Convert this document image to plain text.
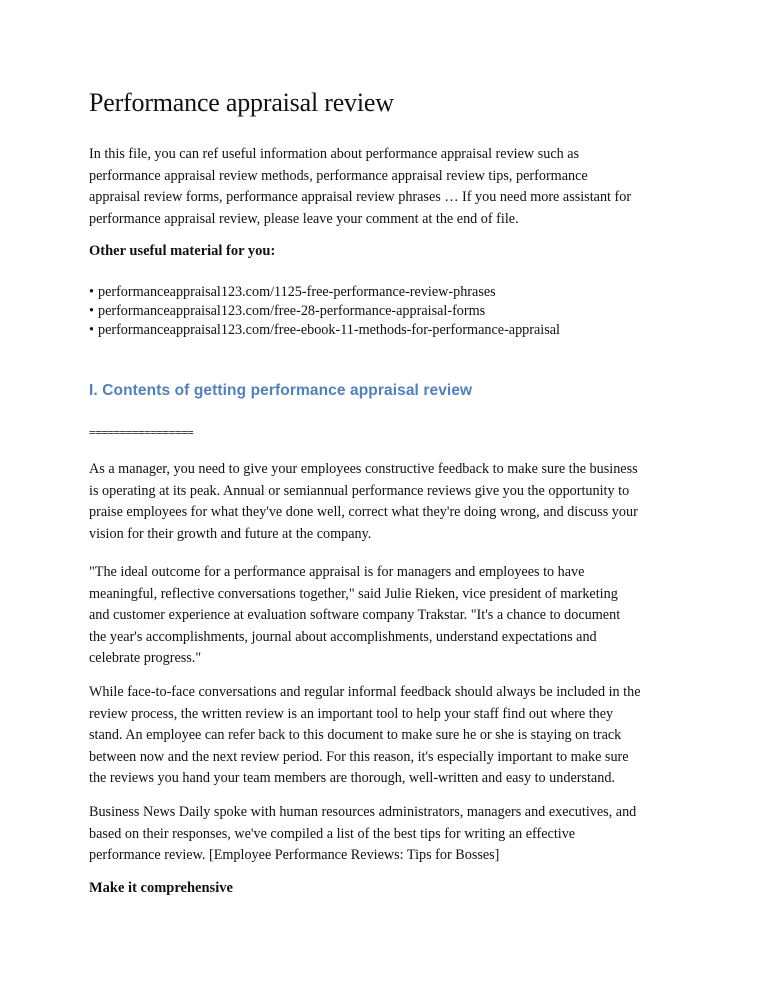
Performance appraisal review

In this file, you can ref useful information about performance appraisal review such as
performance appraisal review methods, performance appraisal review tips, performance
appraisal review forms, performance appraisal review phrases … If you need more assistant for
performance appraisal review, please leave your comment at the end of file.

Other useful material for you:

• performanceappraisal123.com/1125-free-performance-review-phrases
• performanceappraisal123.com/free-28-performance-appraisal-forms
• performanceappraisal123.com/free-ebook-11-methods-for-performance-appraisal
I. Contents of getting performance appraisal review
=================

As a manager, you need to give your employees constructive feedback to make sure the business
is operating at its peak. Annual or semiannual performance reviews give you the opportunity to
praise employees for what they've done well, correct what they're doing wrong, and discuss your
vision for their growth and future at the company.

"The ideal outcome for a performance appraisal is for managers and employees to have
meaningful, reflective conversations together," said Julie Rieken, vice president of marketing
and customer experience at evaluation software company Trakstar. "It's a chance to document
the year's accomplishments, journal about accomplishments, understand expectations and
celebrate progress."

While face-to-face conversations and regular informal feedback should always be included in the
review process, the written review is an important tool to help your staff find out where they
stand. An employee can refer back to this document to make sure he or she is staying on track
between now and the next review period. For this reason, it's especially important to make sure
the reviews you hand your team members are thorough, well-written and easy to understand.

Business News Daily spoke with human resources administrators, managers and executives, and
based on their responses, we've compiled a list of the best tips for writing an effective
performance review. [Employee Performance Reviews: Tips for Bosses]

Make it comprehensive
